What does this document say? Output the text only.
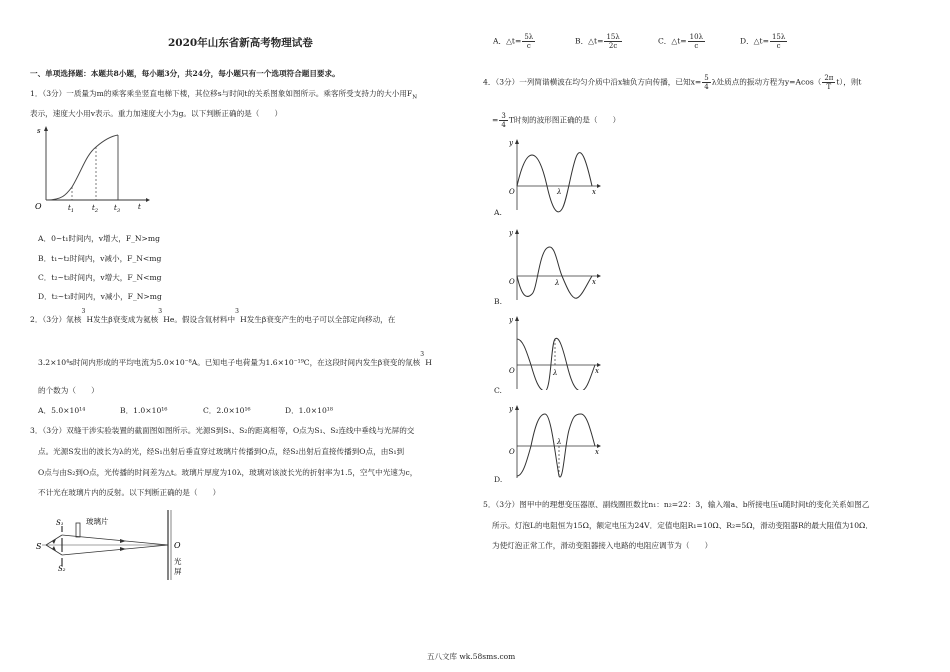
2020年山东省新高考物理试卷
一、单项选择题：本题共8小题，每小题3分，共24分，每小题只有一个选项符合题目要求。
1．（3分）一质量为m的乘客乘坐竖直电梯下楼，其位移s与时间t的关系图象如图所示。乘客所受支持力的大小用$F_N$
表示，速度大小用v表示。重力加速度大小为g。以下判断正确的是（　　）
O	$t_1$	$t_2$ $t_3$	t
s
A．0~t₁时间内，v增大，F_N>mg
B．t₁~t₂时间内，v减小，F_N<mg
C．t₂~t₃时间内，v增大，F_N<mg
D．t₂~t₃时间内，v减小，F_N>mg
2．（3分）氚核
3
H发生β衰变成为氦核
3
He。假设含氚材料中
3
H发生β衰变产生的电子可以全部定向移动，在
3.2×10⁴s时间内形成的平均电流为5.0×10⁻⁸A。已知电子电荷量为1.6×10⁻¹⁹C，在这段时间内发生β衰变的氚核
3
H
的个数为（　　）
A．5.0×10¹⁴	B．1.0×10¹⁶	C．2.0×10¹⁶	D．1.0×10¹⁸
3．（3分）双缝干涉实验装置的截面图如图所示。光源S到S₁、S₂的距离相等，O点为S₁、S₂连线中垂线与光屏的交
点。光源S发出的波长为λ的光，经S₁出射后垂直穿过玻璃片传播到O点，经S₂出射后直接传播到O点，由S₁到
O点与由S₂到O点，光传播的时间差为△t。玻璃片厚度为10λ，玻璃对该波长光的折射率为1.5，空气中光速为c，
不计光在玻璃片内的反射。以下判断正确的是（　　）
S
S₁
S₂
玻璃片
O
光
屏
A．△t= $\frac{5\lambda}{c}$	B．△t= $\frac{15\lambda}{2c}$	C．△t= $\frac{10\lambda}{c}$	D．△t= $\frac{15\lambda}{c}$
4．（3分）一列简谐横波在均匀介质中沿x轴负方向传播，已知$x= \frac{5}{4}$ λ处质点的振动方程为$y=Acos( \frac{2\pi}{T} t)$，则t
= $\frac{3}{4}$ T时刻的波形图正确的是（　　）
y
O	λ	x
A.
y
O	λ	x
B.
y
O	λ	x
C.
y
O
λ
x
D.
5．（3分）图甲中的理想变压器原、副线圈匝数比n₁：n₂=22：3，输入端a、b所接电压u随时间t的变化关系如图乙
所示。灯泡L的电阻恒为15Ω，额定电压为24V．定值电阻R₁=10Ω、R₂=5Ω，滑动变阻器R的最大阻值为10Ω．
为使灯泡正常工作，滑动变阻器接入电路的电阻应调节为（　　）
五八文库 wk.58sms.com
